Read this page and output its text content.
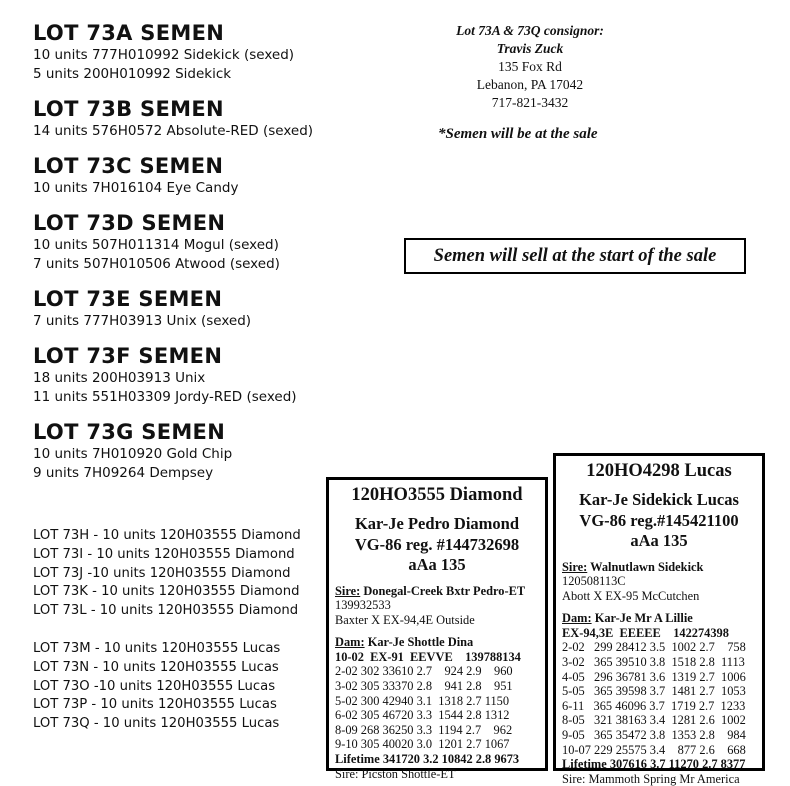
LOT 73A SEMEN
10 units 777H010992 Sidekick (sexed)
5 units 200H010992 Sidekick
LOT 73B SEMEN
14 units 576H0572 Absolute-RED (sexed)
LOT 73C SEMEN
10 units 7H016104 Eye Candy
LOT 73D SEMEN
10 units 507H011314 Mogul (sexed)
7 units 507H010506 Atwood (sexed)
LOT 73E SEMEN
7 units 777H03913 Unix (sexed)
LOT 73F SEMEN
18 units 200H03913 Unix
11 units 551H03309 Jordy-RED (sexed)
LOT 73G SEMEN
10 units 7H010920 Gold Chip
9 units 7H09264 Dempsey
LOT 73H - 10 units 120H03555 Diamond
LOT 73I - 10 units 120H03555 Diamond
LOT 73J -10 units 120H03555 Diamond
LOT 73K - 10 units 120H03555 Diamond
LOT 73L - 10 units 120H03555 Diamond
LOT 73M - 10 units 120H03555 Lucas
LOT 73N - 10 units 120H03555 Lucas
LOT 73O -10 units 120H03555 Lucas
LOT 73P - 10 units 120H03555 Lucas
LOT 73Q - 10 units 120H03555 Lucas
Lot 73A & 73Q consignor:
Travis Zuck
135 Fox Rd
Lebanon, PA 17042
717-821-3432
*Semen will be at the sale
Semen will sell at the start of the sale
120HO3555 Diamond
Kar-Je Pedro Diamond
VG-86 reg. #144732698
aAa 135
Sire: Donegal-Creek Bxtr Pedro-ET
139932533
Baxter X EX-94,4E Outside
Dam: Kar-Je Shottle Dina
10-02  EX-91  EEVVE    139788134
2-02 302 33610 2.7    924 2.9    960
3-02 305 33370 2.8    941 2.8    951
5-02 300 42940 3.1  1318 2.7 1150
6-02 305 46720 3.3  1544 2.8 1312
8-09 268 36250 3.3  1194 2.7    962
9-10 305 40020 3.0  1201 2.7 1067
Lifetime 341720 3.2 10842 2.8 9673
Sire: Picston Shottle-ET
120HO4298 Lucas
Kar-Je Sidekick Lucas
VG-86 reg.#145421100
aAa 135
Sire: Walnutlawn Sidekick
120508113C
Abott X EX-95 McCutchen
Dam: Kar-Je Mr A Lillie
EX-94,3E  EEEEE    142274398
2-02   299 28412 3.5  1002 2.7    758
3-02   365 39510 3.8  1518 2.8  1113
4-05   296 36781 3.6  1319 2.7  1006
5-05   365 39598 3.7  1481 2.7  1053
6-11   365 46096 3.7  1719 2.7  1233
8-05   321 38163 3.4  1281 2.6  1002
9-05   365 35472 3.8  1353 2.8    984
10-07 229 25575 3.4    877 2.6    668
Lifetime 307616 3.7 11270 2.7 8377
Sire: Mammoth Spring Mr America
